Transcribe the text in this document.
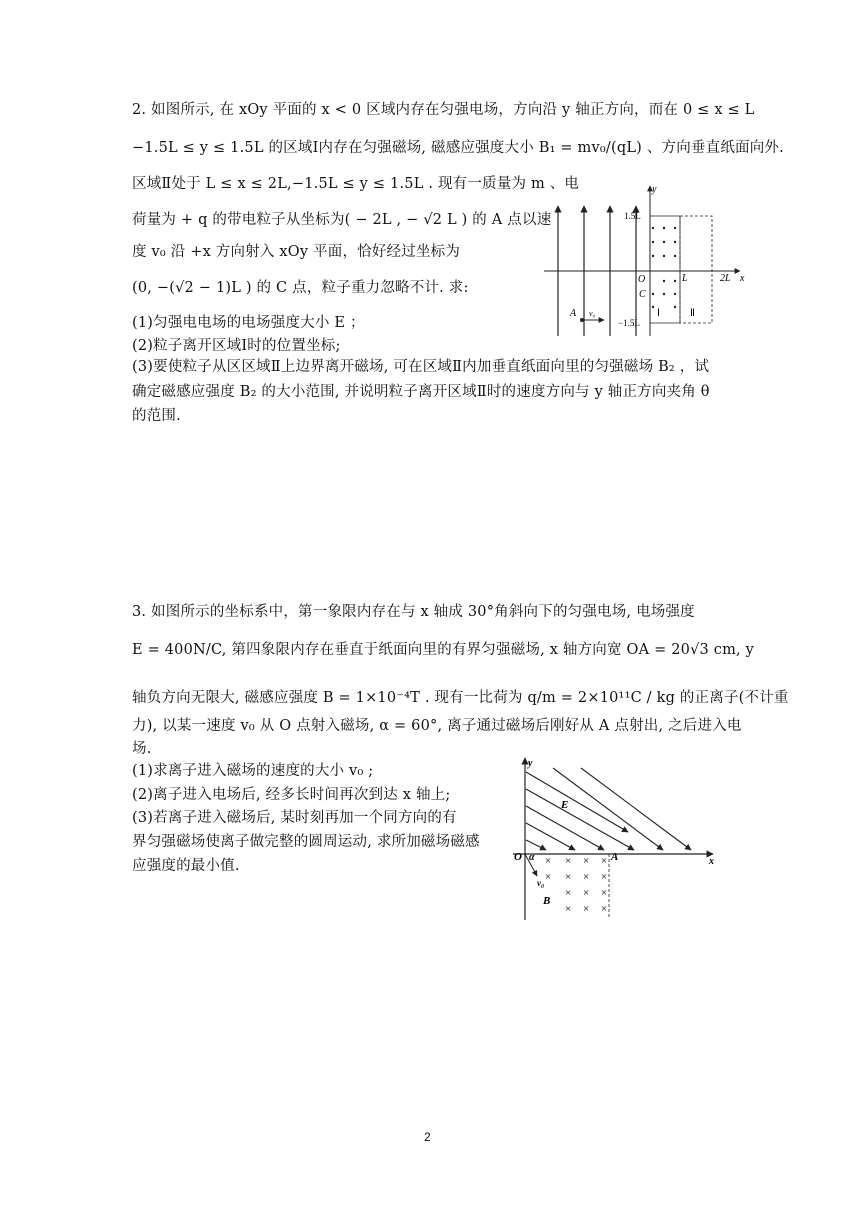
2. 如图所示, 在 xOy 平面的 x < 0 区域内存在匀强电场，方向沿 y 轴正方向，而在 0 ≤ x ≤ L
−1.5L ≤ y ≤ 1.5L 的区域Ⅰ内存在匀强磁场, 磁感应强度大小 B₁ = mv₀/(qL) 、方向垂直纸面向外.
区域Ⅱ处于 L ≤ x ≤ 2L,−1.5L ≤ y ≤ 1.5L . 现有一质量为 m 、电
荷量为 + q 的带电粒子从坐标为( − 2L , − √2 L ) 的 A 点以速
度 v₀ 沿 +x 方向射入 xOy 平面，恰好经过坐标为
(0, −(√2 − 1)L ) 的 C 点，粒子重力忽略不计. 求:
(1)匀强电电场的电场强度大小 E ；
(2)粒子离开区域Ⅰ时的位置坐标;
(3)要使粒子从区区域Ⅱ上边界离开磁场, 可在区域Ⅱ内加垂直纸面向里的匀强磁场 B₂ ，试
确定磁感应强度 B₂ 的大小范围, 并说明粒子离开区域Ⅱ时的速度方向与 y 轴正方向夹角 θ
的范围.
y
x
1.5L
−1.5L
O
C
L	2L
Ⅰ	Ⅱ
A v₀
3. 如图所示的坐标系中，第一象限内存在与 x 轴成 30°角斜向下的匀强电场, 电场强度
E = 400N/C, 第四象限内存在垂直于纸面向里的有界匀强磁场, x 轴方向宽 OA = 20√3 cm, y
轴负方向无限大, 磁感应强度 B = 1×10⁻⁴T . 现有一比荷为 q/m = 2×10¹¹C / kg 的正离子(不计重
力), 以某一速度 v₀ 从 O 点射入磁场, α = 60°, 离子通过磁场后刚好从 A 点射出, 之后进入电
场.
(1)求离子进入磁场的速度的大小 v₀ ;
(2)离子进入电场后, 经多长时间再次到达 x 轴上;
(3)若离子进入磁场后, 某时刻再加一个同方向的有
界匀强磁场使离子做完整的圆周运动, 求所加磁场磁感
应强度的最小值.
y
x
E
O	A
α
v₀
B
× × × ×
× × × ×
× × ×
× × ×
2
